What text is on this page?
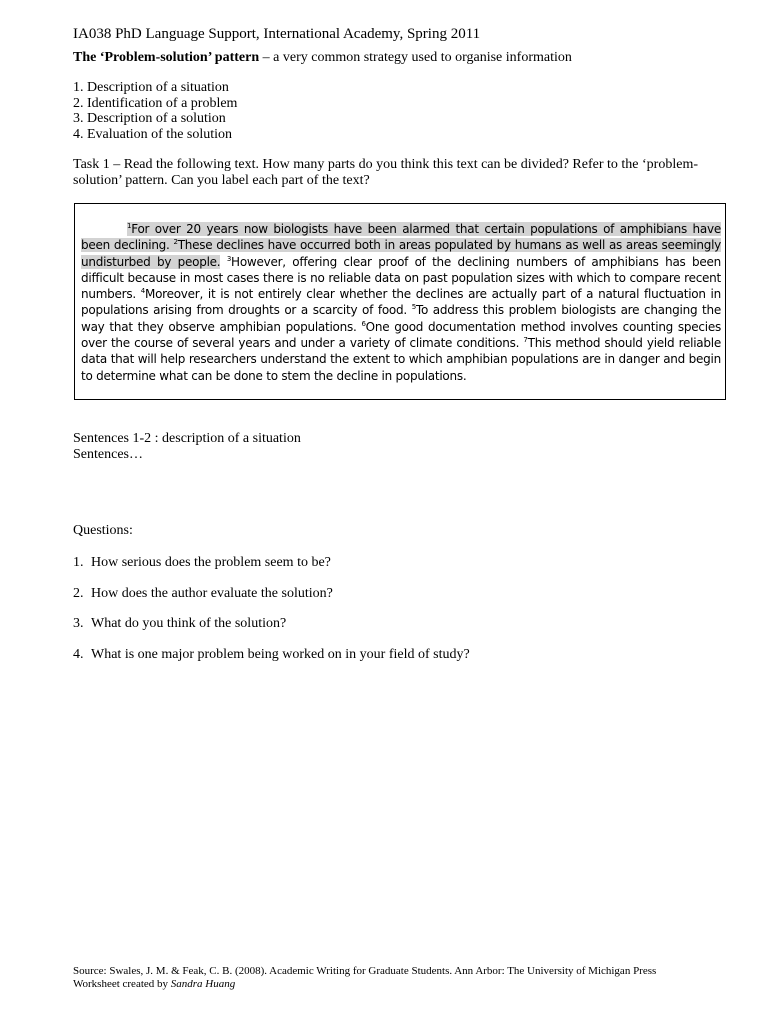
IA038 PhD Language Support, International Academy, Spring 2011
The ‘Problem-solution’ pattern – a very common strategy used to organise information
1. Description of a situation
2. Identification of a problem
3. Description of a solution
4. Evaluation of the solution
Task 1 – Read the following text. How many parts do you think this text can be divided? Refer to the ‘problem-solution’ pattern. Can you label each part of the text?

$^1$For over 20 years now biologists have been alarmed that certain populations of amphibians have been declining. $^2$These declines have occurred both in areas populated by humans as well as areas seemingly undisturbed by people. $^3$However, offering clear proof of the declining numbers of amphibians has been difficult because in most cases there is no reliable data on past population sizes with which to compare recent numbers. $^4$Moreover, it is not entirely clear whether the declines are actually part of a natural fluctuation in populations arising from droughts or a scarcity of food. $^5$To address this problem biologists are changing the way that they observe amphibian populations. $^6$One good documentation method involves counting species over the course of several years and under a variety of climate conditions. $^7$This method should yield reliable data that will help researchers understand the extent to which amphibian populations are in danger and begin to determine what can be done to stem the decline in populations.

Sentences 1-2 : description of a situation
Sentences…
Questions:
1. How serious does the problem seem to be?
2. How does the author evaluate the solution?
3. What do you think of the solution?
4. What is one major problem being worked on in your field of study?
Source: Swales, J. M. & Feak, C. B. (2008). Academic Writing for Graduate Students. Ann Arbor: The University of Michigan Press
Worksheet created by Sandra Huang
